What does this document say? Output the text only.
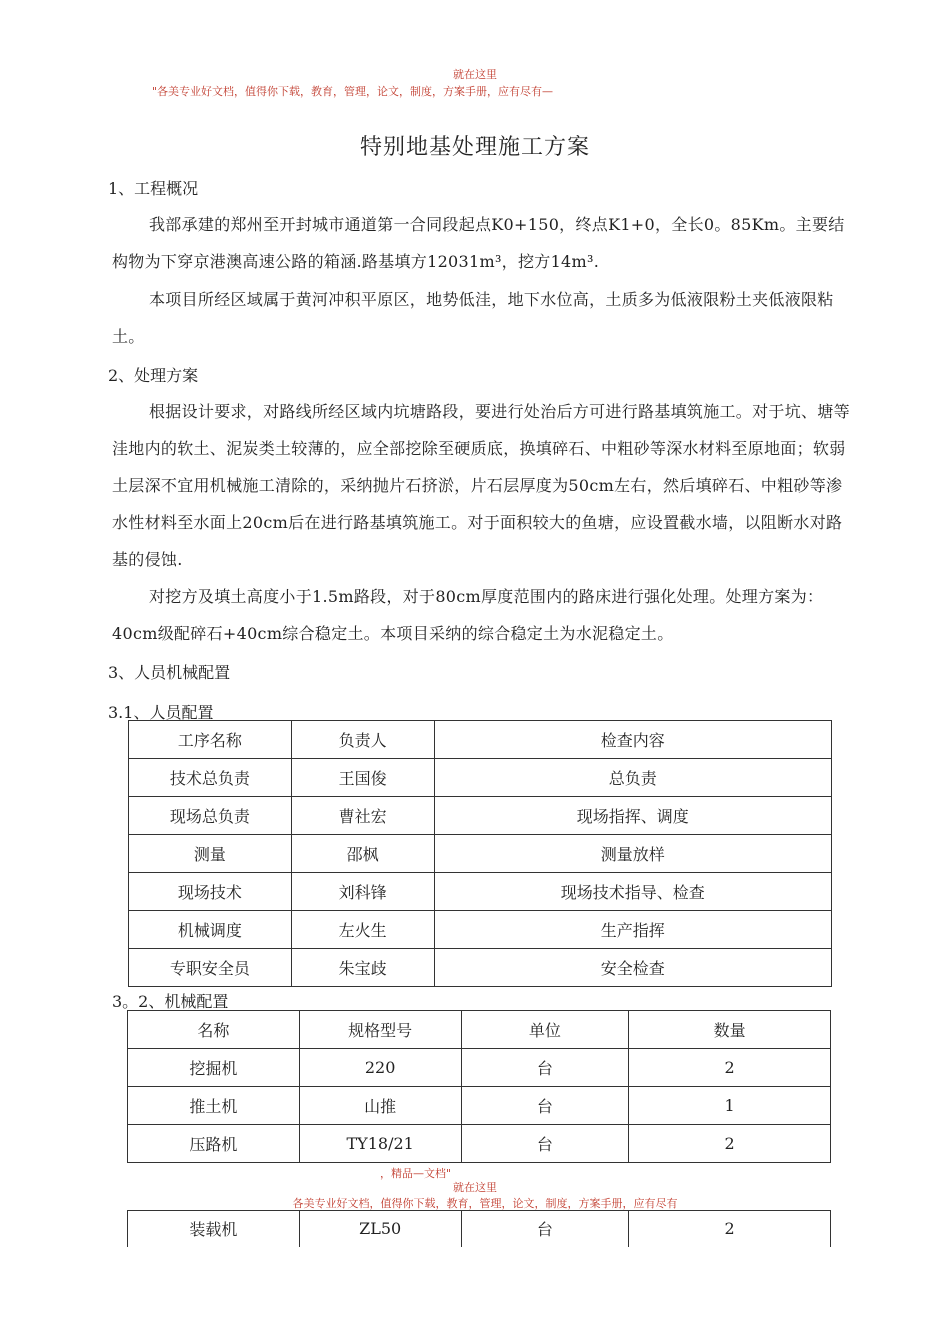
就在这里
"各美专业好文档，值得你下载，教育，管理，论文，制度，方案手册，应有尽有—
特别地基处理施工方案
1、工程概况
我部承建的郑州至开封城市通道第一合同段起点K0+150，终点K1+0，全长0。85Km。主要结构物为下穿京港澳高速公路的箱涵.路基填方12031m³，挖方14m³.
本项目所经区域属于黄河冲积平原区，地势低洼，地下水位高，土质多为低液限粉土夹低液限粘土。
2、处理方案
根据设计要求，对路线所经区域内坑塘路段，要进行处治后方可进行路基填筑施工。对于坑、塘等洼地内的软土、泥炭类土较薄的，应全部挖除至硬质底，换填碎石、中粗砂等深水材料至原地面；软弱土层深不宜用机械施工清除的，采纳抛片石挤淤，片石层厚度为50cm左右，然后填碎石、中粗砂等渗水性材料至水面上20cm后在进行路基填筑施工。对于面积较大的鱼塘，应设置截水墙，以阻断水对路基的侵蚀.
对挖方及填土高度小于1.5m路段，对于80cm厚度范围内的路床进行强化处理。处理方案为：40cm级配碎石+40cm综合稳定土。本项目采纳的综合稳定土为水泥稳定土。
3、人员机械配置
3.1、人员配置
工序名称	负责人	检查内容
技术总负责	王国俊	总负责
现场总负责	曹社宏	现场指挥、调度
测量	邵枫	测量放样
现场技术	刘科锋	现场技术指导、检查
机械调度	左火生	生产指挥
专职安全员	朱宝歧	安全检查
3。2、机械配置
名称	规格型号	单位	数量
挖掘机	220	台	2
推土机	山推	台	1
压路机	TY18/21	台	2
，精品—文档"
就在这里
各美专业好文档，值得你下载，教育，管理，论文，制度，方案手册，应有尽有
装载机	ZL50	台	2
